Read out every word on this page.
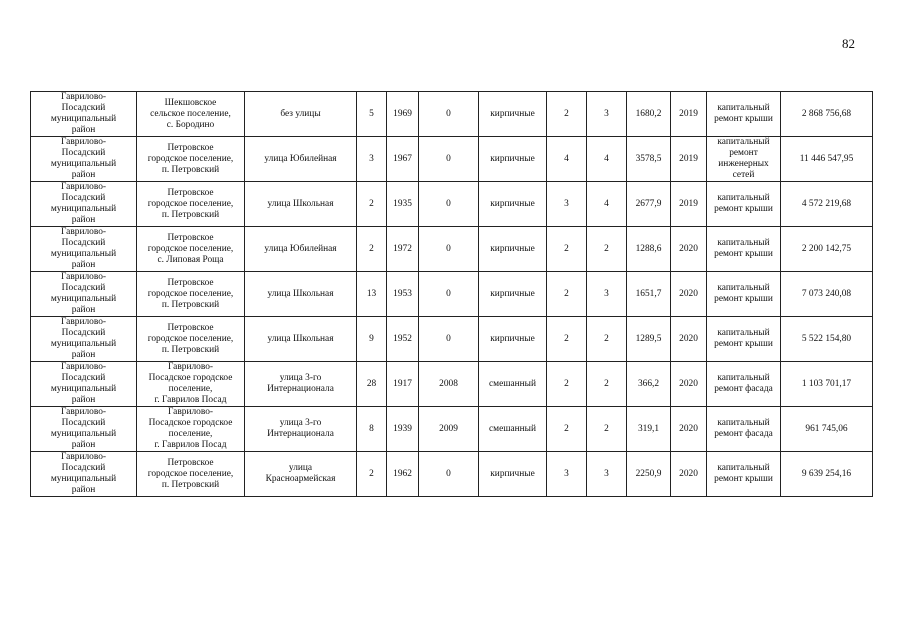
82
Гаврилово-
Посадский
муниципальный
район	Шекшовское
сельское поселение,
с. Бородино	без улицы	5	1969	0	кирпичные	2	3	1680,2	2019	капитальный
ремонт крыши	2 868 756,68
Гаврилово-
Посадский
муниципальный
район	Петровское
городское поселение,
п. Петровский	улица Юбилейная	3	1967	0	кирпичные	4	4	3578,5	2019	капитальный
ремонт
инженерных
сетей	11 446 547,95
Гаврилово-
Посадский
муниципальный
район	Петровское
городское поселение,
п. Петровский	улица Школьная	2	1935	0	кирпичные	3	4	2677,9	2019	капитальный
ремонт крыши	4 572 219,68
Гаврилово-
Посадский
муниципальный
район	Петровское
городское поселение,
с. Липовая Роща	улица Юбилейная	2	1972	0	кирпичные	2	2	1288,6	2020	капитальный
ремонт крыши	2 200 142,75
Гаврилово-
Посадский
муниципальный
район	Петровское
городское поселение,
п. Петровский	улица Школьная	13	1953	0	кирпичные	2	3	1651,7	2020	капитальный
ремонт крыши	7 073 240,08
Гаврилово-
Посадский
муниципальный
район	Петровское
городское поселение,
п. Петровский	улица Школьная	9	1952	0	кирпичные	2	2	1289,5	2020	капитальный
ремонт крыши	5 522 154,80
Гаврилово-
Посадский
муниципальный
район	Гаврилово-
Посадское городское
поселение,
г. Гаврилов Посад	улица 3-го
Интернационала	28	1917	2008	смешанный	2	2	366,2	2020	капитальный
ремонт фасада	1 103 701,17
Гаврилово-
Посадский
муниципальный
район	Гаврилово-
Посадское городское
поселение,
г. Гаврилов Посад	улица 3-го
Интернационала	8	1939	2009	смешанный	2	2	319,1	2020	капитальный
ремонт фасада	961 745,06
Гаврилово-
Посадский
муниципальный
район	Петровское
городское поселение,
п. Петровский	улица
Красноармейская	2	1962	0	кирпичные	3	3	2250,9	2020	капитальный
ремонт крыши	9 639 254,16
